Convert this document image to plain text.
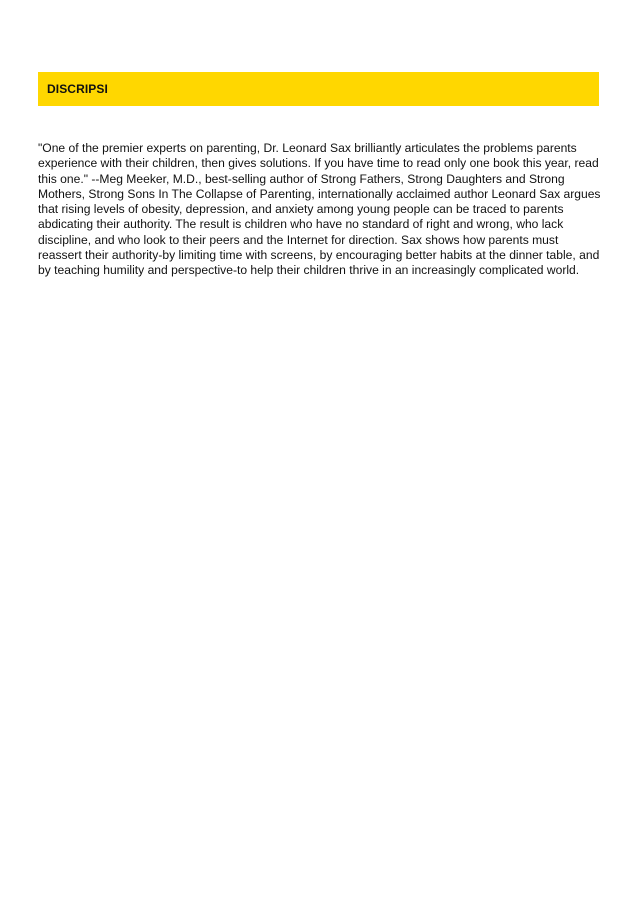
DISCRIPSI

"One of the premier experts on parenting, Dr. Leonard Sax brilliantly articulates the problems parents experience with their children, then gives solutions. If you have time to read only one book this year, read this one." --Meg Meeker, M.D., best-selling author of Strong Fathers, Strong Daughters and Strong Mothers, Strong Sons In The Collapse of Parenting, internationally acclaimed author Leonard Sax argues that rising levels of obesity, depression, and anxiety among young people can be traced to parents abdicating their authority. The result is children who have no standard of right and wrong, who lack discipline, and who look to their peers and the Internet for direction. Sax shows how parents must reassert their authority-by limiting time with screens, by encouraging better habits at the dinner table, and by teaching humility and perspective-to help their children thrive in an increasingly complicated world.
